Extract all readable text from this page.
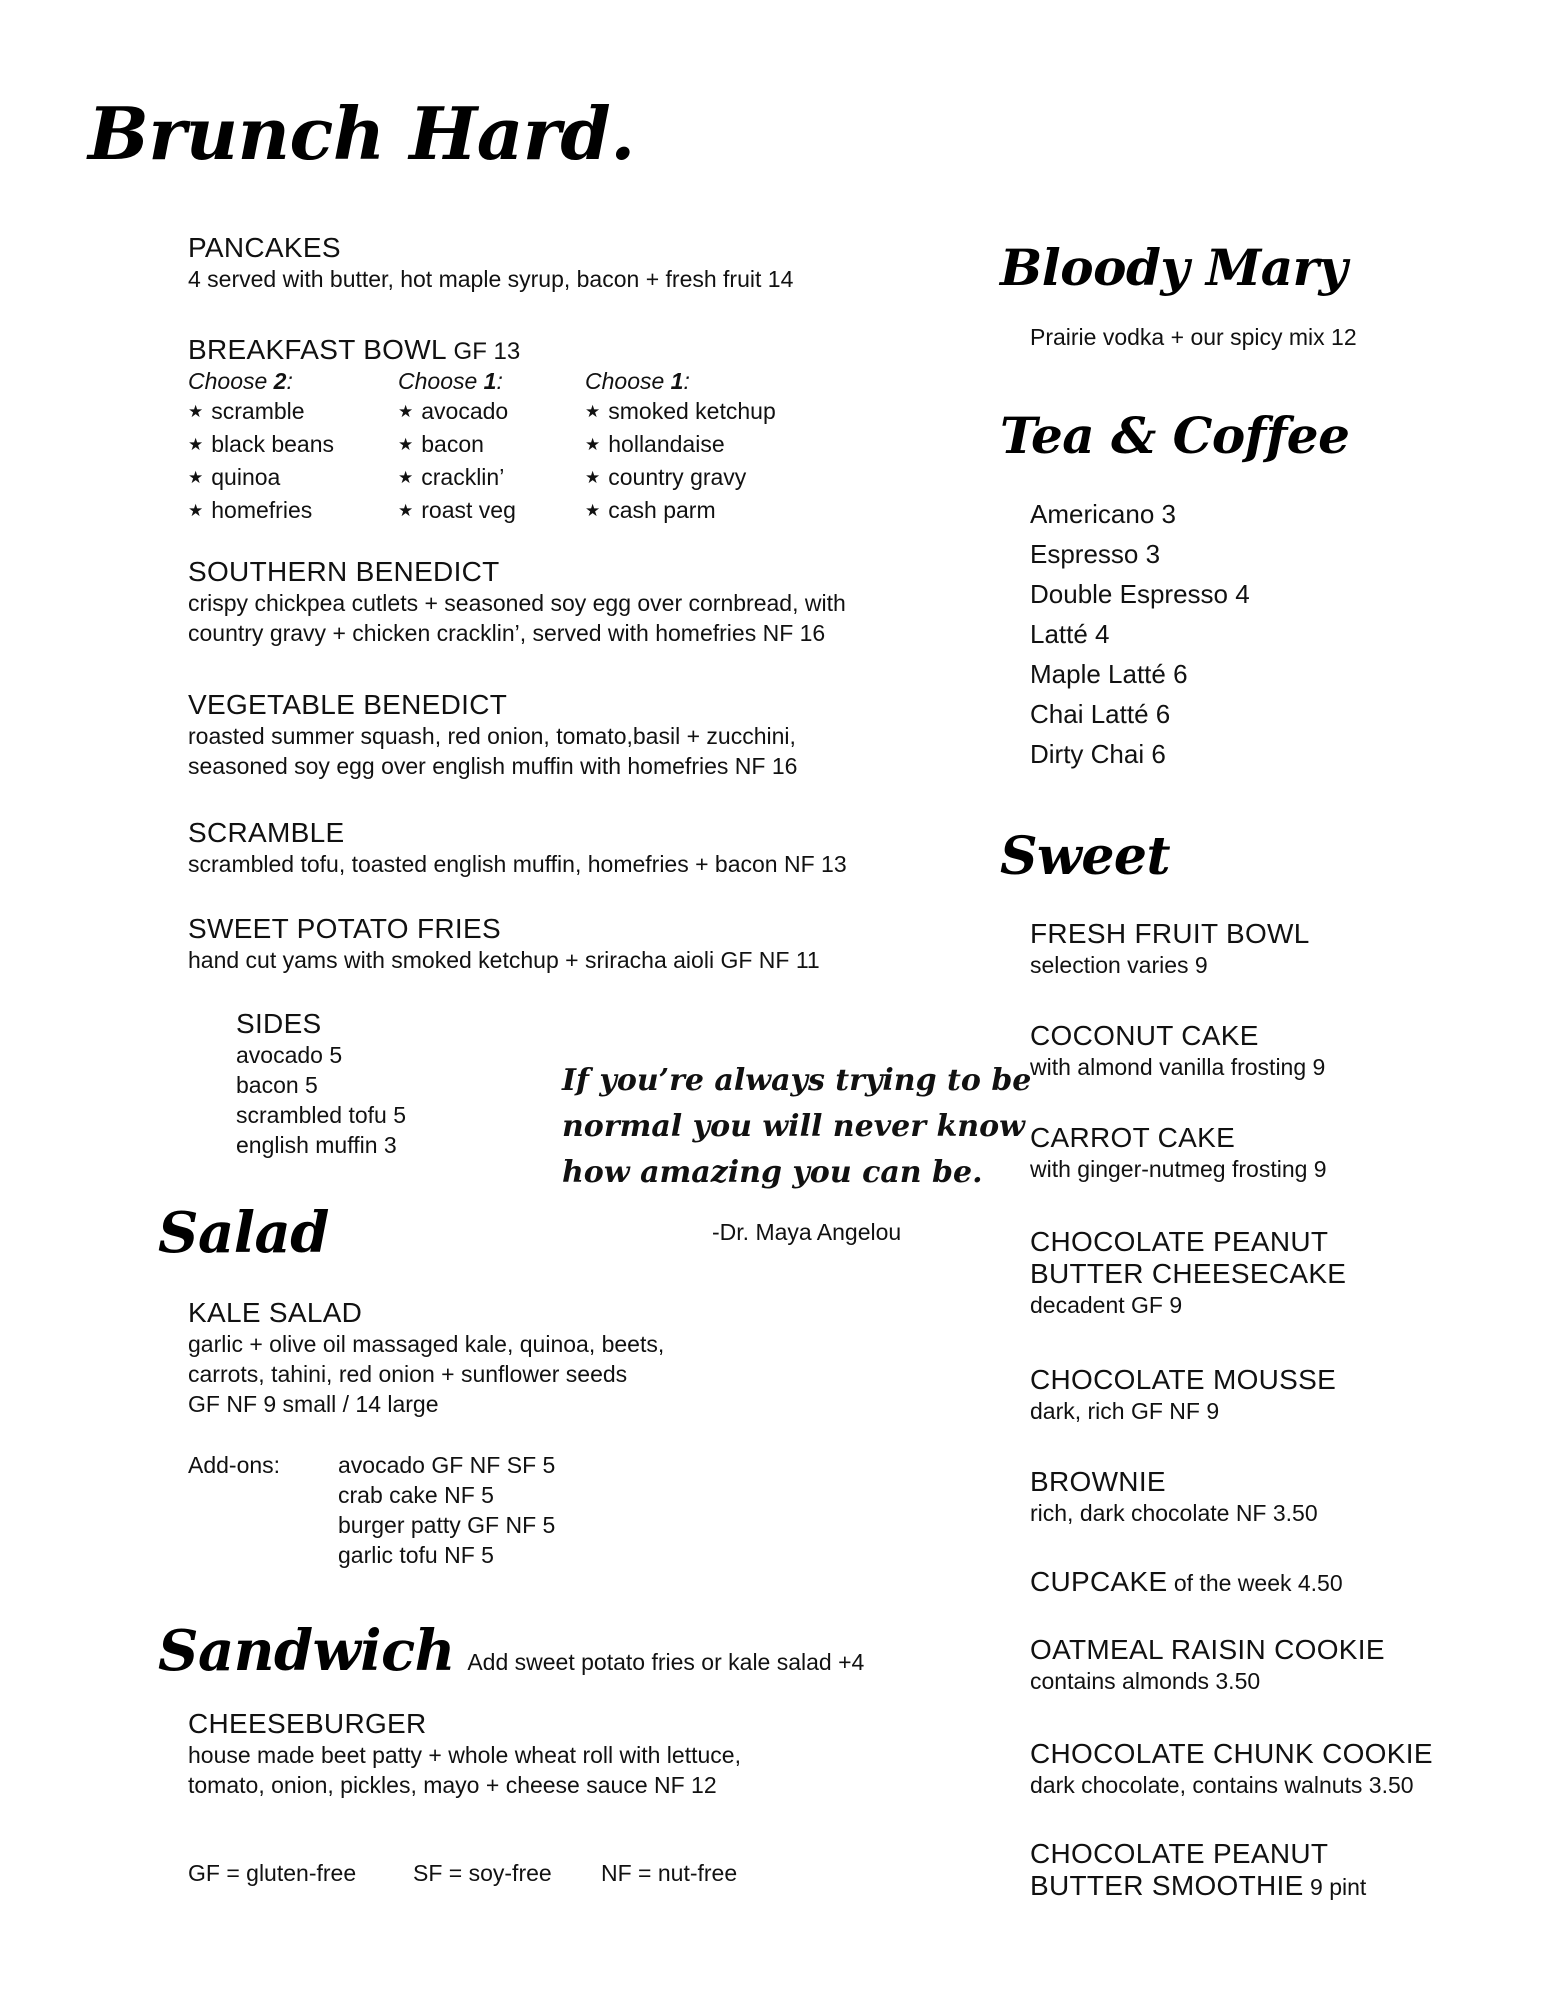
Brunch Hard.
PANCAKES
4 served with butter, hot maple syrup, bacon + fresh fruit 14
BREAKFAST BOWL GF 13
Choose 2:
★ scramble
★ black beans
★ quinoa
★ homefries
Choose 1:
★ avocado
★ bacon
★ cracklin’
★ roast veg
Choose 1:
★ smoked ketchup
★ hollandaise
★ country gravy
★ cash parm
SOUTHERN BENEDICT
crispy chickpea cutlets + seasoned soy egg over cornbread, with
country gravy + chicken cracklin’, served with homefries NF 16
VEGETABLE BENEDICT
roasted summer squash, red onion, tomato,basil + zucchini,
seasoned soy egg over english muffin with homefries NF 16
SCRAMBLE
scrambled tofu, toasted english muffin, homefries + bacon NF 13
SWEET POTATO FRIES
hand cut yams with smoked ketchup + sriracha aioli GF NF 11
SIDES
avocado 5
bacon 5
scrambled tofu 5
english muffin 3
If you’re always trying to be
normal you will never know
how amazing you can be.
-Dr. Maya Angelou
Salad
KALE SALAD
garlic + olive oil massaged kale, quinoa, beets,
carrots, tahini, red onion + sunflower seeds
GF NF 9 small / 14 large
Add-ons:	avocado GF NF SF 5
crab cake NF 5
burger patty GF NF 5
garlic tofu NF 5
Sandwich Add sweet potato fries or kale salad +4
CHEESEBURGER
house made beet patty + whole wheat roll with lettuce,
tomato, onion, pickles, mayo + cheese sauce NF 12
GF = gluten-free SF = soy-free NF = nut-free
Bloody Mary
Prairie vodka + our spicy mix 12
Tea & Coffee
Americano 3
Espresso 3
Double Espresso 4
Latté 4
Maple Latté 6
Chai Latté 6
Dirty Chai 6
Sweet
FRESH FRUIT BOWL
selection varies 9
COCONUT CAKE
with almond vanilla frosting 9
CARROT CAKE
with ginger-nutmeg frosting 9
CHOCOLATE PEANUT
BUTTER CHEESECAKE
decadent GF 9
CHOCOLATE MOUSSE
dark, rich GF NF 9
BROWNIE
rich, dark chocolate NF 3.50
CUPCAKE of the week 4.50
OATMEAL RAISIN COOKIE
contains almonds 3.50
CHOCOLATE CHUNK COOKIE
dark chocolate, contains walnuts 3.50
CHOCOLATE PEANUT
BUTTER SMOOTHIE 9 pint
